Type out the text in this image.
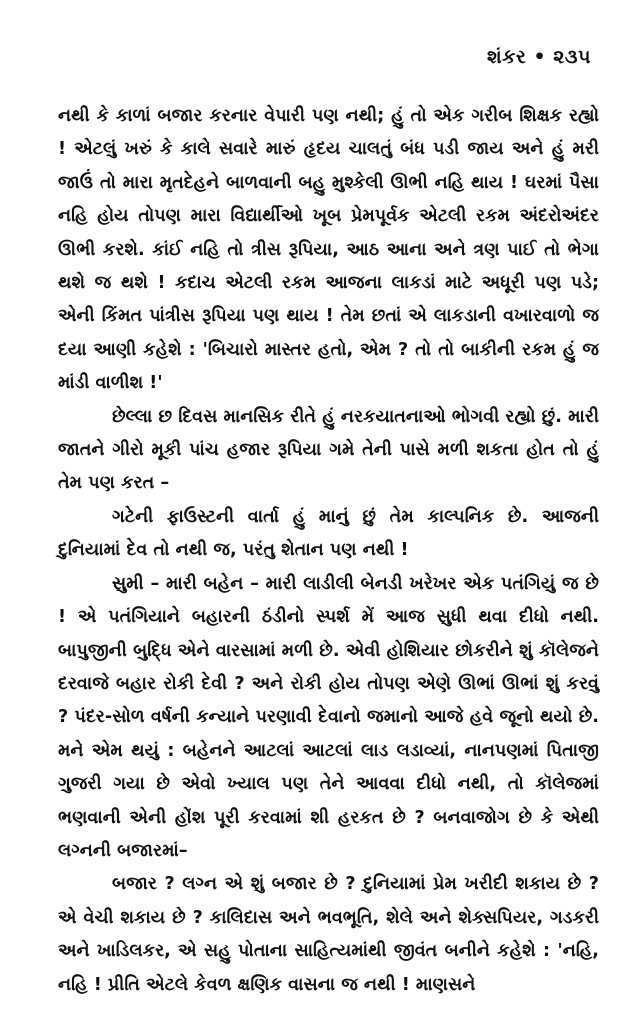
શંકર • ૨૩૫

નથી કે કાળાં બજાર કરનાર વેપારી પણ નથી; હું તો એક ગરીબ શિક્ષક રહ્યો ! એટલું ખરું કે કાલે સવારે મારું હૃદય ચાલતું બંધ પડી જાય અને હું મરી જાઉં તો મારા મૃતદેહને બાળવાની બહુ મુશ્કેલી ઊભી નહિ થાય ! ઘરમાં પૈસા નહિ હોય તોપણ મારા વિદ્યાર્થીઓ ખૂબ પ્રેમપૂર્વક એટલી રકમ અંદરોઅંદર ઊભી કરશે. કાંઈ નહિ તો ત્રીસ રૂપિયા, આઠ આના અને ત્રણ પાઈ તો ભેગા થશે જ થશે ! કદાચ એટલી રકમ આજના લાકડાં માટે અધૂરી પણ પડે; એની કિંમત પાંત્રીસ રૂપિયા પણ થાય ! તેમ છતાં એ લાકડાની વખારવાળો જ દયા આણી કહેશે : 'બિચારો માસ્તર હતો, એમ ? તો તો બાકીની રકમ હું જ માંડી વાળીશ !'

છેલ્લા છ દિવસ માનસિક રીતે હું નરકયાતનાઓ ભોગવી રહ્યો છું. મારી જાતને ગીરો મૂકી પાંચ હજાર રૂપિયા ગમે તેની પાસે મળી શકતા હોત તો હું તેમ પણ કરત –

ગટેની ફાઉસ્ટની વાર્તા હું માનું છું તેમ કાલ્પનિક છે. આજની દુનિયામાં દેવ તો નથી જ, પરંતુ શેતાન પણ નથી !

સુમી – મારી બહેન – મારી લાડીલી બેનડી ખરેખર એક પતંગિયું જ છે ! એ પતંગિયાને બહારની ઠંડીનો સ્પર્શ મેં આજ સુધી થવા દીધો નથી. બાપુજીની બુદ્ધિ એને વારસામાં મળી છે. એવી હોશિયાર છોકરીને શું કૉલેજને દરવાજે બહાર રોકી દેવી ? અને રોકી હોય તોપણ એણે ઊભાં ઊભાં શું કરવું ? પંદર-સોળ વર્ષની કન્યાને પરણાવી દેવાનો જમાનો આજે હવે જૂનો થયો છે. મને એમ થયું : બહેનને આટલાં આટલાં લાડ લડાવ્યાં, નાનપણમાં પિતાજી ગુજરી ગયા છે એવો ખ્યાલ પણ તેને આવવા દીધો નથી, તો કૉલેજમાં ભણવાની એની હોંશ પૂરી કરવામાં શી હરકત છે ? બનવાજોગ છે કે એથી લગ્નની બજારમાં–

બજાર ? લગ્ન એ શું બજાર છે ? દુનિયામાં પ્રેમ ખરીદી શકાય છે ? એ વેચી શકાય છે ? કાલિદાસ અને ભવભૂતિ, શેલે અને શેક્સપિયર, ગડકરી અને ખાડિલકર, એ સહુ પોતાના સાહિત્યમાંથી જીવંત બનીને કહેશે : 'નહિ, નહિ ! પ્રીતિ એટલે કેવળ ક્ષણિક વાસના જ નથી ! માણસને
